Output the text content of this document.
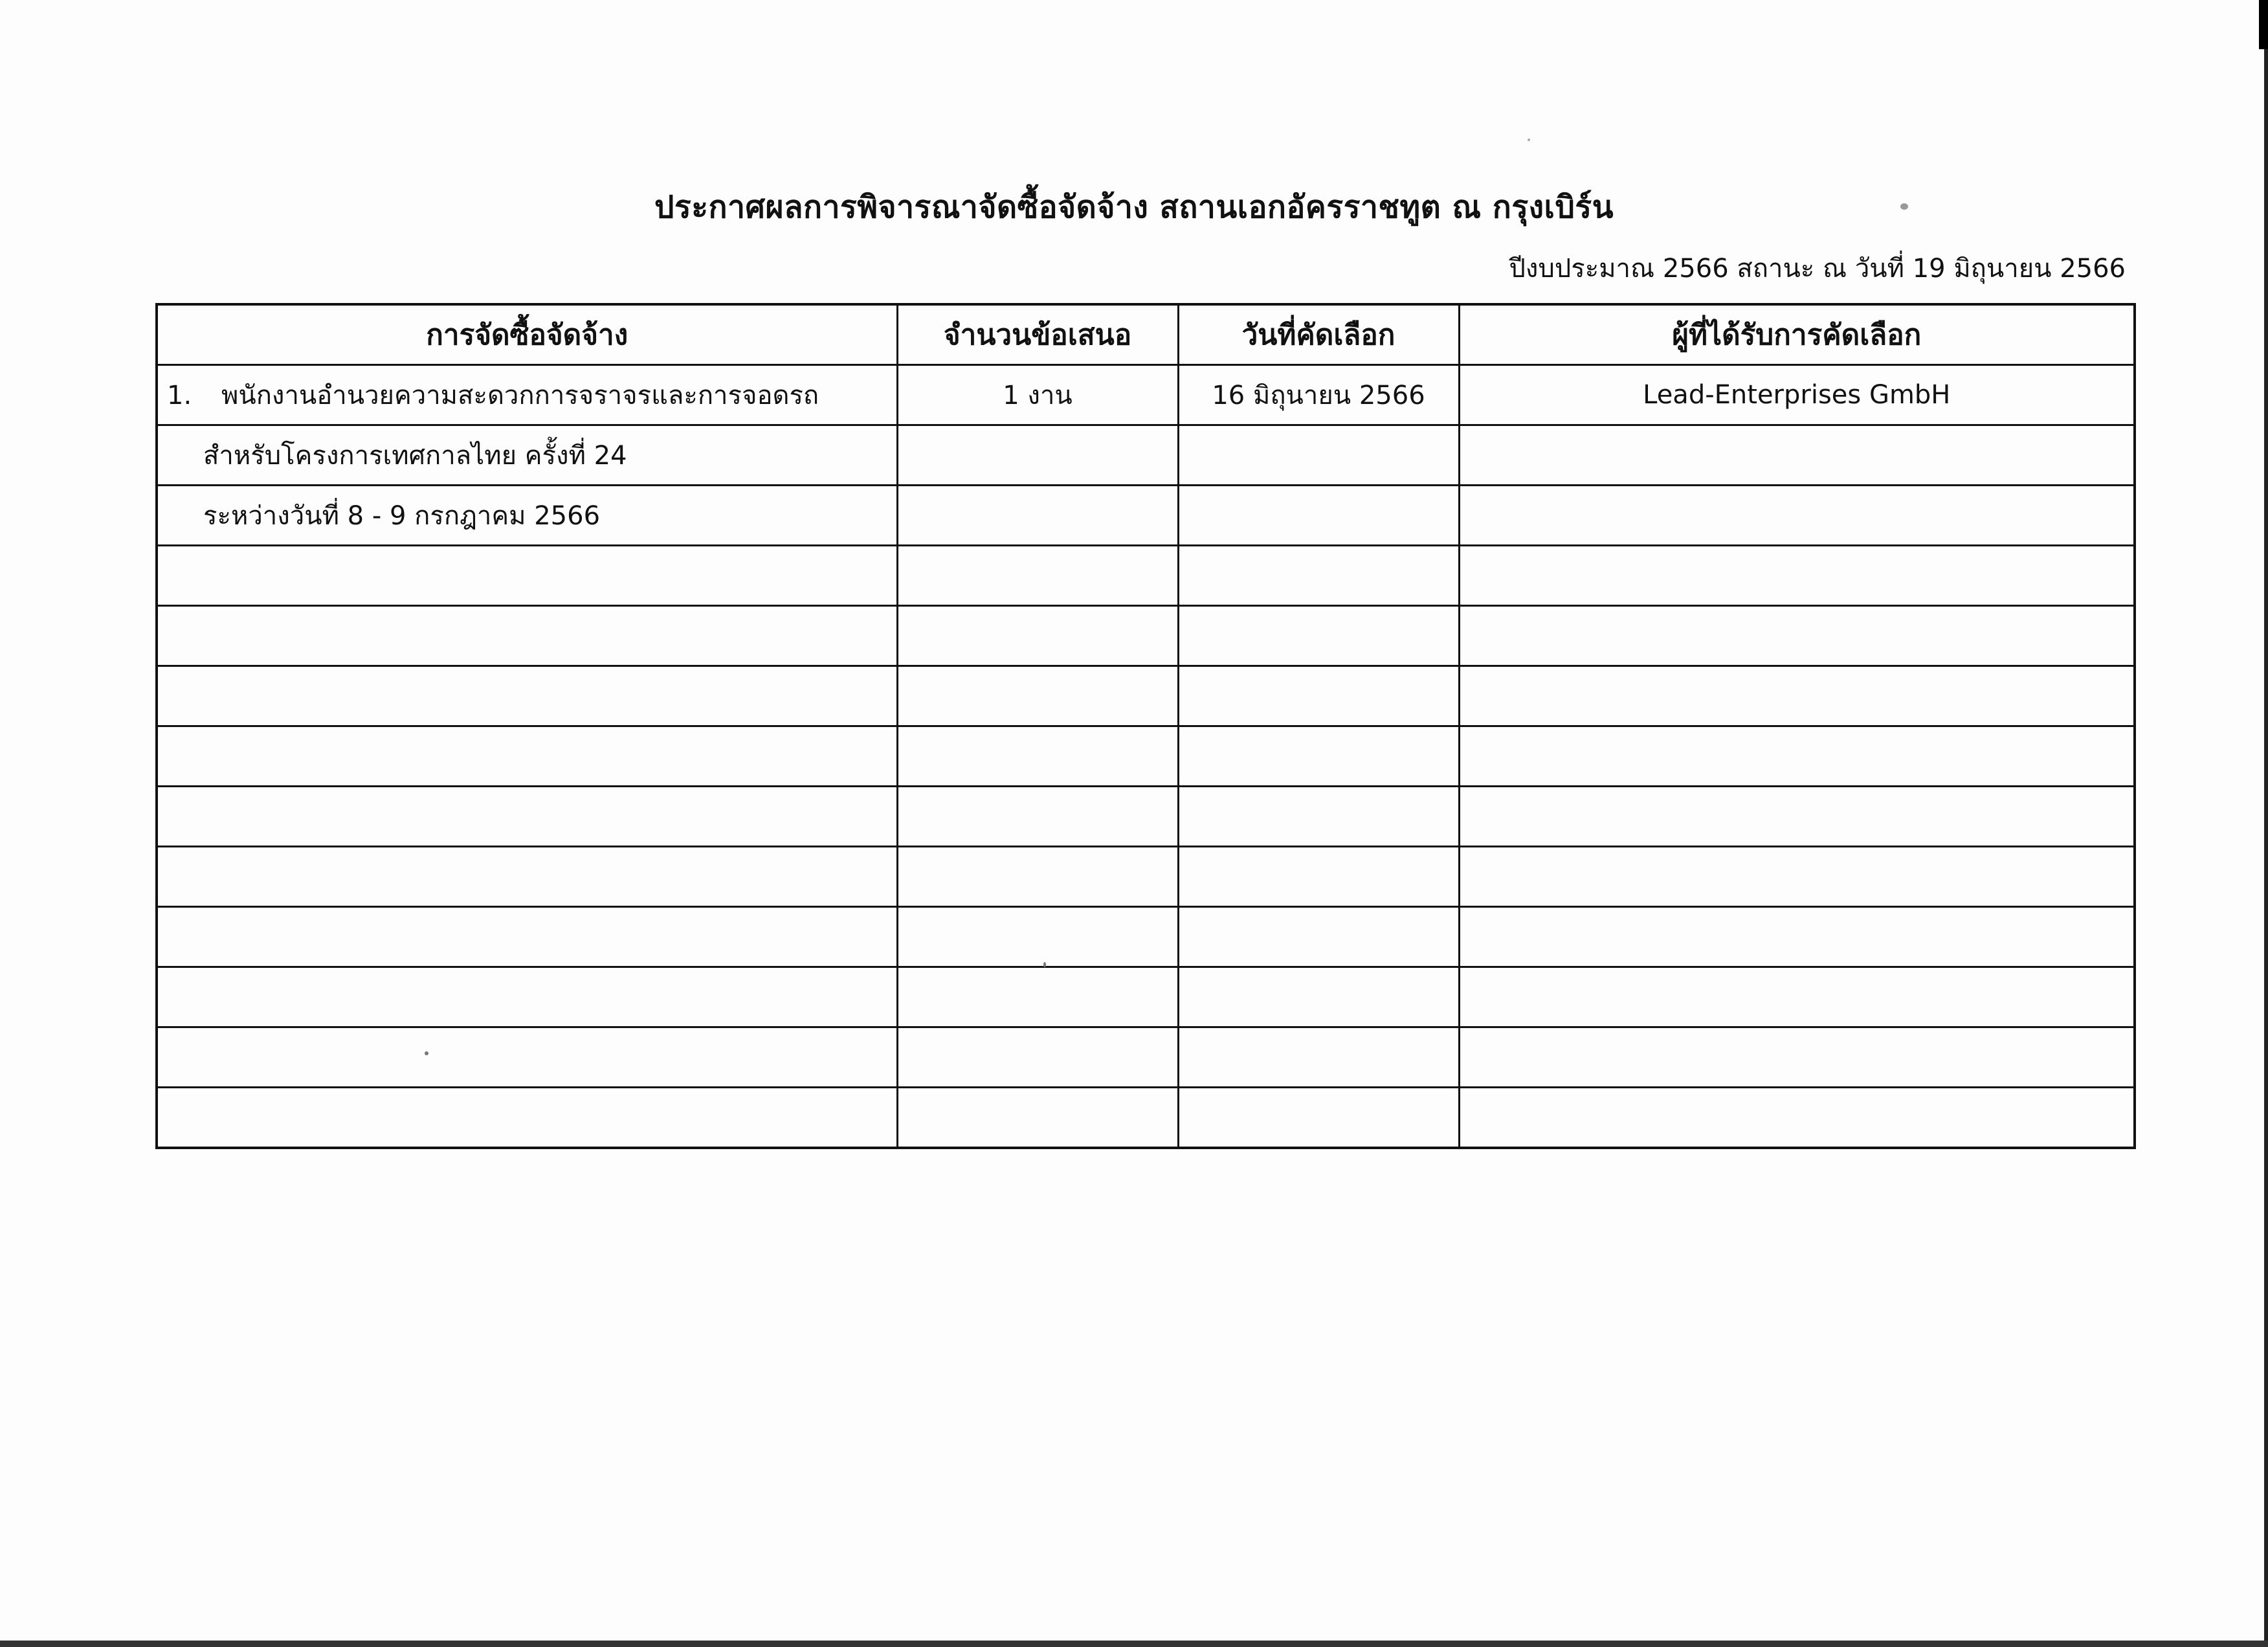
ประกาศผลการพิจารณาจัดซื้อจัดจ้าง สถานเอกอัครราชทูต ณ กรุงเบิร์น
ปีงบประมาณ 2566 สถานะ ณ วันที่ 19 มิถุนายน 2566
การจัดซื้อจัดจ้าง	จำนวนข้อเสนอ	วันที่คัดเลือก	ผู้ที่ได้รับการคัดเลือก
1. พนักงานอำนวยความสะดวกการจราจรและการจอดรถ	1 งาน	16 มิถุนายน 2566	Lead-Enterprises GmbH
สำหรับโครงการเทศกาลไทย ครั้งที่ 24			
ระหว่างวันที่ 8 - 9 กรกฎาคม 2566			
